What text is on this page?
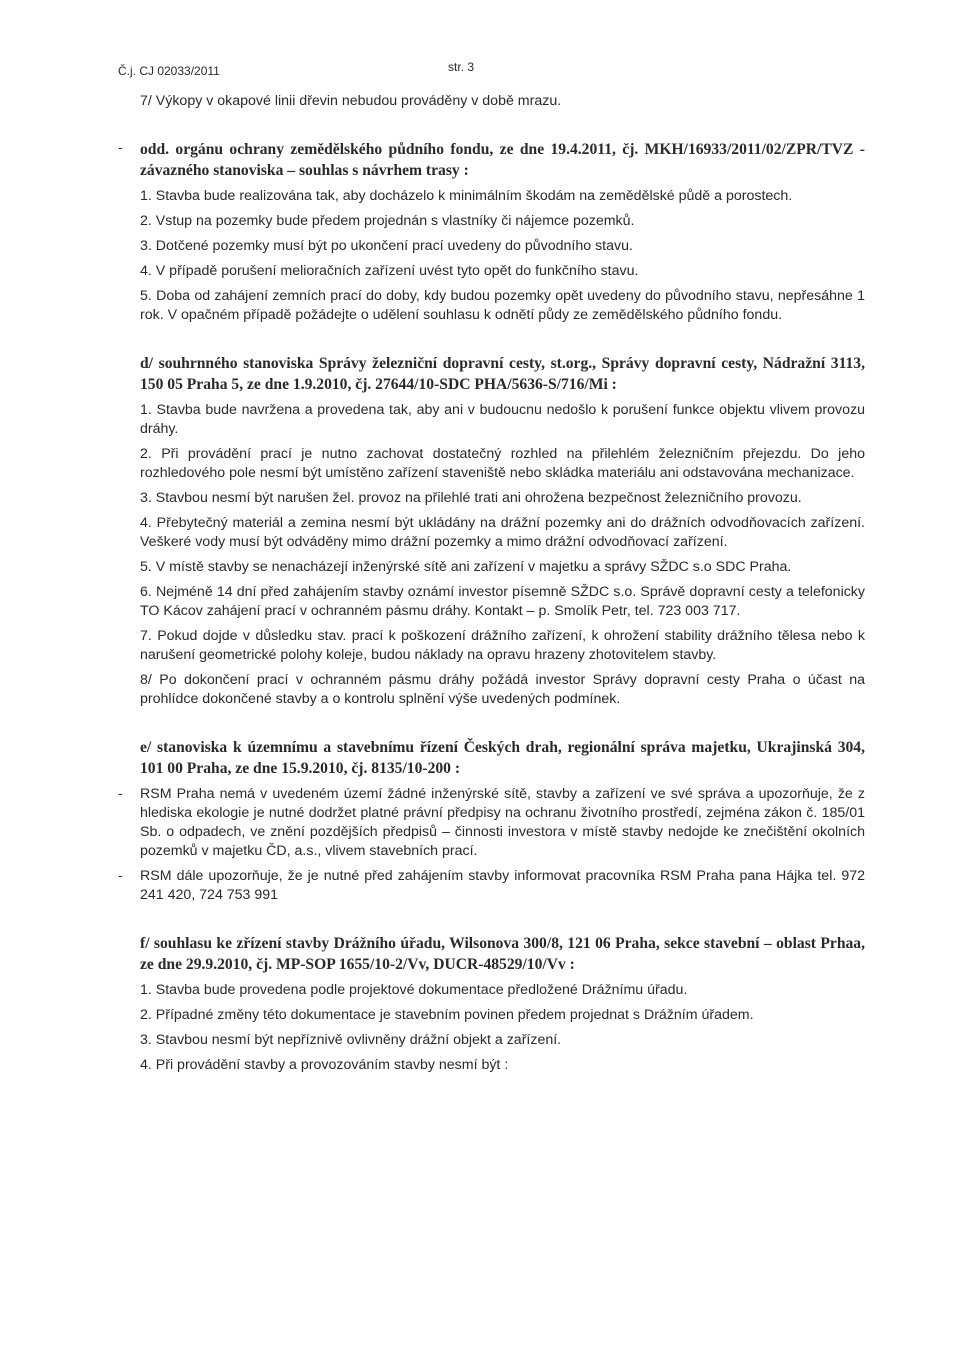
Č.j. CJ 02033/2011	str. 3

7/ Výkopy v okapové linii dřevin nebudou prováděny v době mrazu.

- odd. orgánu ochrany zemědělského půdního fondu, ze dne 19.4.2011, čj. MKH/16933/2011/02/ZPR/TVZ - závazného stanoviska – souhlas s návrhem trasy :

1. Stavba bude realizována tak, aby docházelo k minimálním škodám na zemědělské půdě a porostech.

2. Vstup na pozemky bude předem projednán s vlastníky či nájemce pozemků.

3. Dotčené pozemky musí být po ukončení prací uvedeny do původního stavu.

4. V případě porušení melioračních zařízení uvést tyto opět do funkčního stavu.

5. Doba od zahájení zemních prací do doby, kdy budou pozemky opět uvedeny do původního stavu, nepřesáhne 1 rok. V opačném případě požádejte o udělení souhlasu k odnětí půdy ze zemědělského půdního fondu.

d/ souhrnného stanoviska Správy železniční dopravní cesty, st.org., Správy dopravní cesty, Nádražní 3113, 150 05 Praha 5, ze dne 1.9.2010, čj. 27644/10-SDC PHA/5636-S/716/Mi :

1. Stavba bude navržena a provedena tak, aby ani v budoucnu nedošlo k porušení funkce objektu vlivem provozu dráhy.

2. Při provádění prací je nutno zachovat dostatečný rozhled na přilehlém železničním přejezdu. Do jeho rozhledového pole nesmí být umístěno zařízení staveniště nebo skládka materiálu ani odstavována mechanizace.

3. Stavbou nesmí být narušen žel. provoz na přilehlé trati ani ohrožena bezpečnost železničního provozu.

4. Přebytečný materiál a zemina nesmí být ukládány na drážní pozemky ani do drážních odvodňovacích zařízení. Veškeré vody musí být odváděny mimo drážní pozemky a mimo drážní odvodňovací zařízení.

5. V místě stavby se nenacházejí inženýrské sítě ani zařízení v majetku a správy SŽDC s.o SDC Praha.

6. Nejméně 14 dní před zahájením stavby oznámí investor písemně SŽDC s.o. Správě dopravní cesty a telefonicky TO Kácov zahájení prací v ochranném pásmu dráhy. Kontakt – p. Smolík Petr, tel. 723 003 717.

7. Pokud dojde v důsledku stav. prací k poškození drážního zařízení, k ohrožení stability drážního tělesa nebo k narušení geometrické polohy koleje, budou náklady na opravu hrazeny zhotovitelem stavby.

8/ Po dokončení prací v ochranném pásmu dráhy požádá investor Správy dopravní cesty Praha o účast na prohlídce dokončené stavby a o kontrolu splnění výše uvedených podmínek.

e/ stanoviska k územnímu a stavebnímu řízení Českých drah, regionální správa majetku, Ukrajinská 304, 101 00 Praha, ze dne 15.9.2010, čj. 8135/10-200 :

- RSM Praha nemá v uvedeném území žádné inženýrské sítě, stavby a zařízení ve své správa a upozorňuje, že z hlediska ekologie je nutné dodržet platné právní předpisy na ochranu životního prostředí, zejména zákon č. 185/01 Sb. o odpadech, ve znění pozdějších předpisů – činnosti investora v místě stavby nedojde ke znečištění okolních pozemků v majetku ČD, a.s., vlivem stavebních prací.

- RSM dále upozorňuje, že je nutné před zahájením stavby informovat pracovníka RSM Praha pana Hájka tel. 972 241 420, 724 753 991

f/ souhlasu ke zřízení stavby Drážního úřadu, Wilsonova 300/8, 121 06 Praha, sekce stavební – oblast Prhaa, ze dne 29.9.2010, čj. MP-SOP 1655/10-2/Vv, DUCR-48529/10/Vv :

1. Stavba bude provedena podle projektové dokumentace předložené Drážnímu úřadu.

2. Případné změny této dokumentace je stavebním povinen předem projednat s Drážním úřadem.

3. Stavbou nesmí být nepříznivě ovlivněny drážní objekt a zařízení.

4. Při provádění stavby a provozováním stavby nesmí být :
